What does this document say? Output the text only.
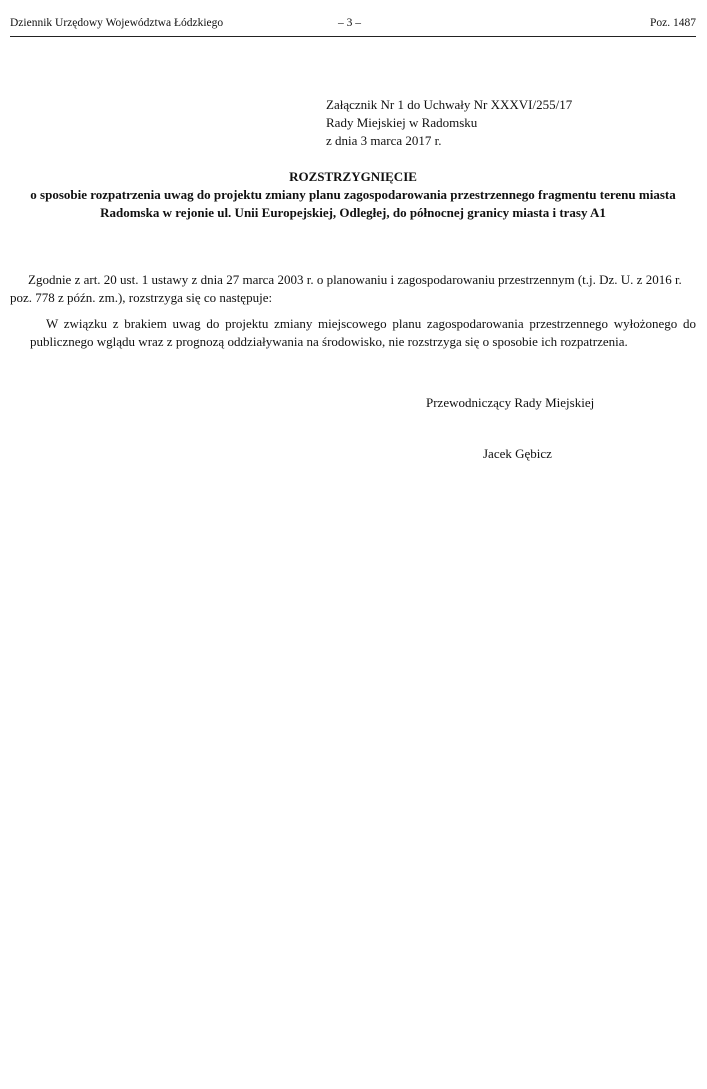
Dziennik Urzędowy Województwa Łódzkiego	– 3 –	Poz. 1487
Załącznik Nr 1 do Uchwały Nr XXXVI/255/17
Rady Miejskiej w Radomsku
z dnia 3 marca 2017 r.
ROZSTRZYGNIĘCIE
o sposobie rozpatrzenia uwag do projektu zmiany planu zagospodarowania przestrzennego fragmentu terenu miasta Radomska w rejonie ul. Unii Europejskiej, Odległej, do północnej granicy miasta i trasy A1
Zgodnie z art. 20 ust. 1 ustawy z dnia 27 marca 2003 r. o planowaniu i zagospodarowaniu przestrzennym (t.j. Dz. U. z 2016 r. poz. 778 z późn. zm.), rozstrzyga się co następuje:
W związku z brakiem uwag do projektu zmiany miejscowego planu zagospodarowania przestrzennego wyłożonego do publicznego wglądu wraz z prognozą oddziaływania na środowisko, nie rozstrzyga się o sposobie ich rozpatrzenia.
Przewodniczący Rady Miejskiej
Jacek Gębicz
